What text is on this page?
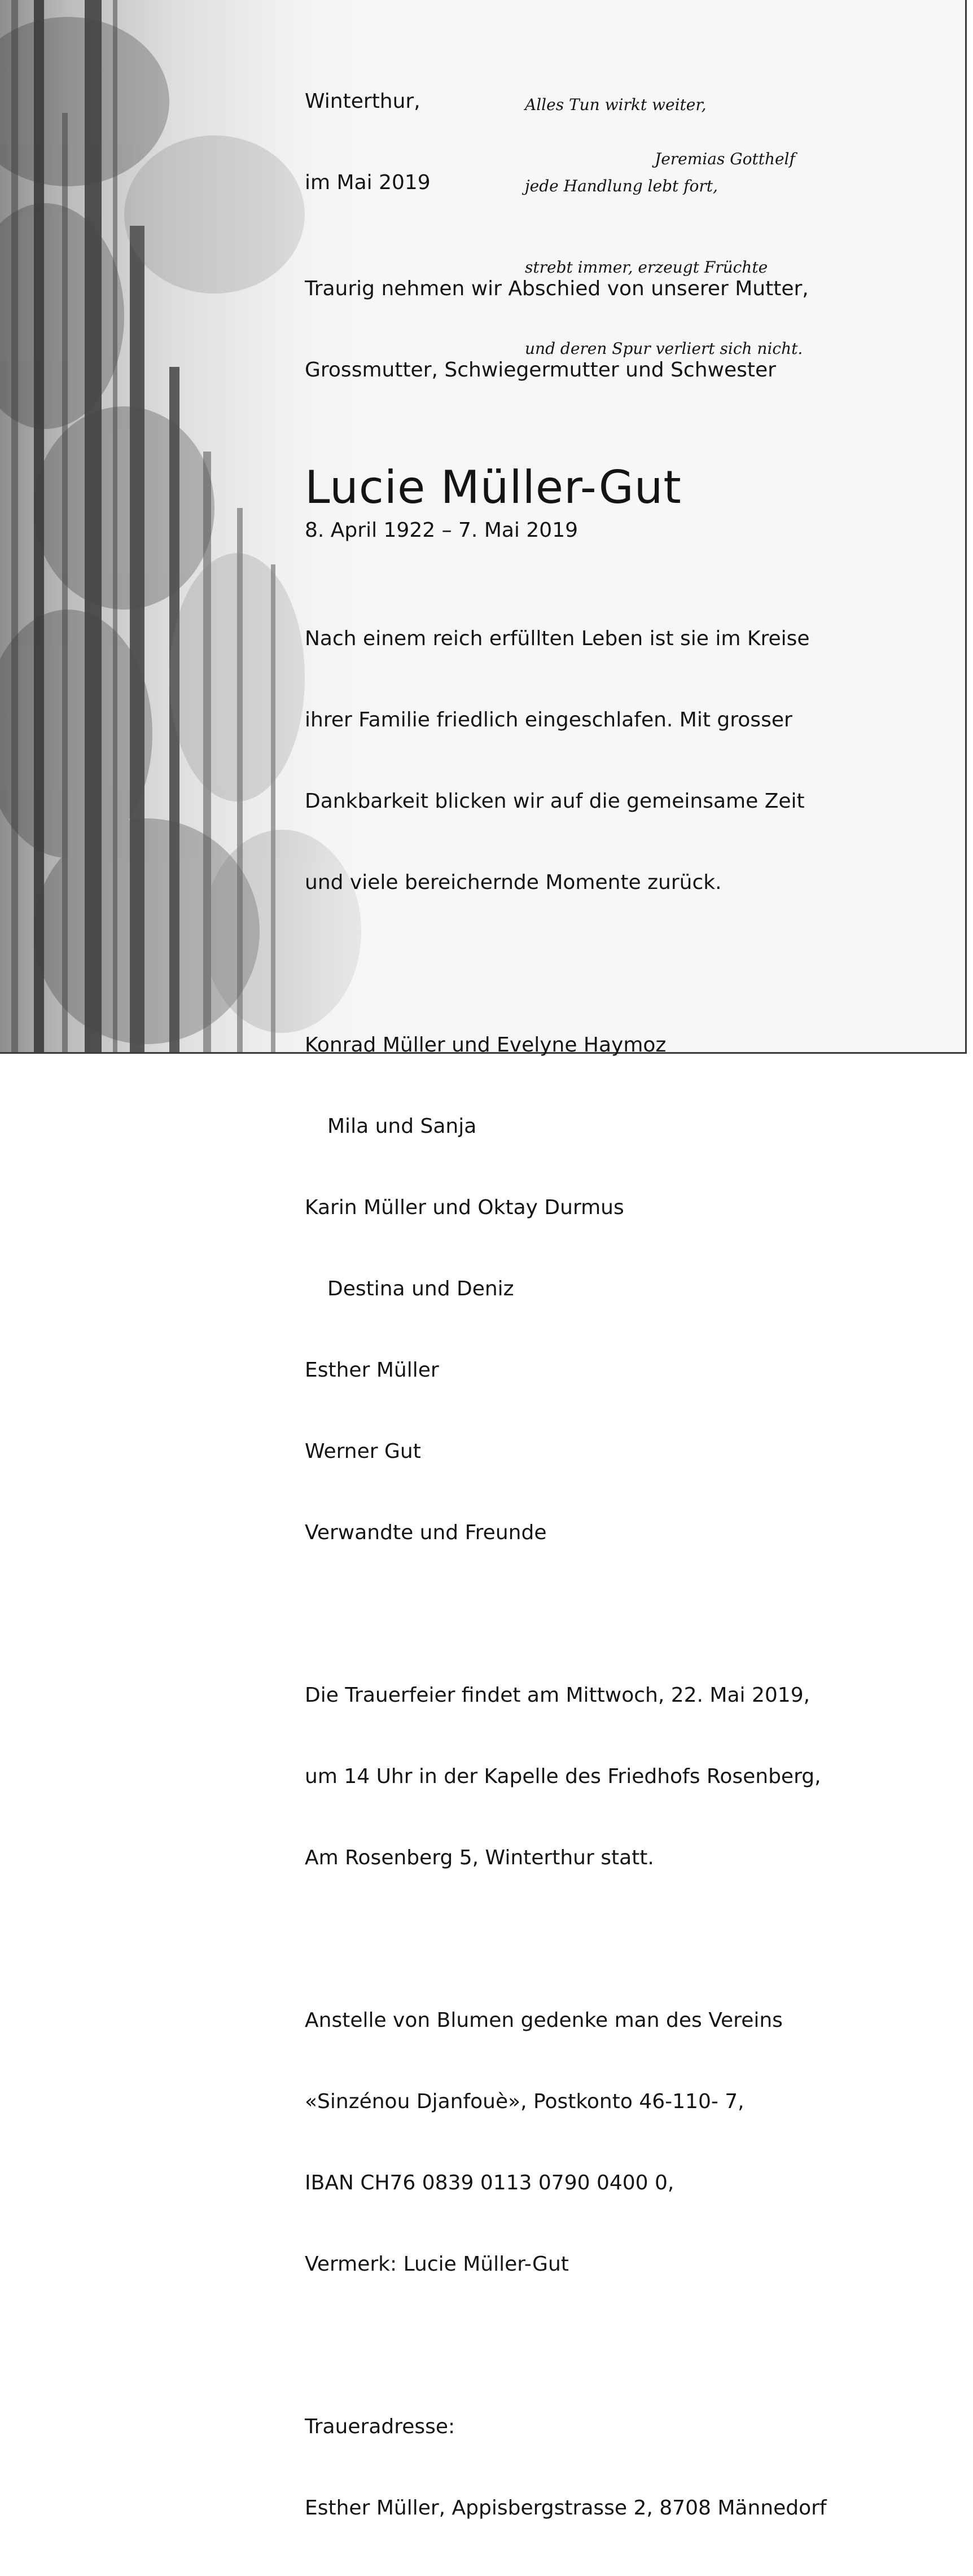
Winterthur,

im Mai 2019

Alles Tun wirkt weiter,

jede Handlung lebt fort,

strebt immer, erzeugt Früchte

und deren Spur verliert sich nicht.

Jeremias Gotthelf

Traurig nehmen wir Abschied von unserer Mutter,

Grossmutter, Schwiegermutter und Schwester

Lucie Müller-Gut
8. April 1922 – 7. Mai 2019

Nach einem reich erfüllten Leben ist sie im Kreise

ihrer Familie friedlich eingeschlafen. Mit grosser

Dankbarkeit blicken wir auf die gemeinsame Zeit

und viele bereichernde Momente zurück.

Konrad Müller und Evelyne Haymoz

Mila und Sanja

Karin Müller und Oktay Durmus

Destina und Deniz

Esther Müller

Werner Gut

Verwandte und Freunde

Die Trauerfeier findet am Mittwoch, 22. Mai 2019,

um 14 Uhr in der Kapelle des Friedhofs Rosenberg,

Am Rosenberg 5, Winterthur statt.

Anstelle von Blumen gedenke man des Vereins

«Sinzénou Djanfouè», Postkonto 46-110- 7,

IBAN CH76 0839 0113 0790 0400 0,

Vermerk: Lucie Müller-Gut

Traueradresse:

Esther Müller, Appisbergstrasse 2, 8708 Männedorf
